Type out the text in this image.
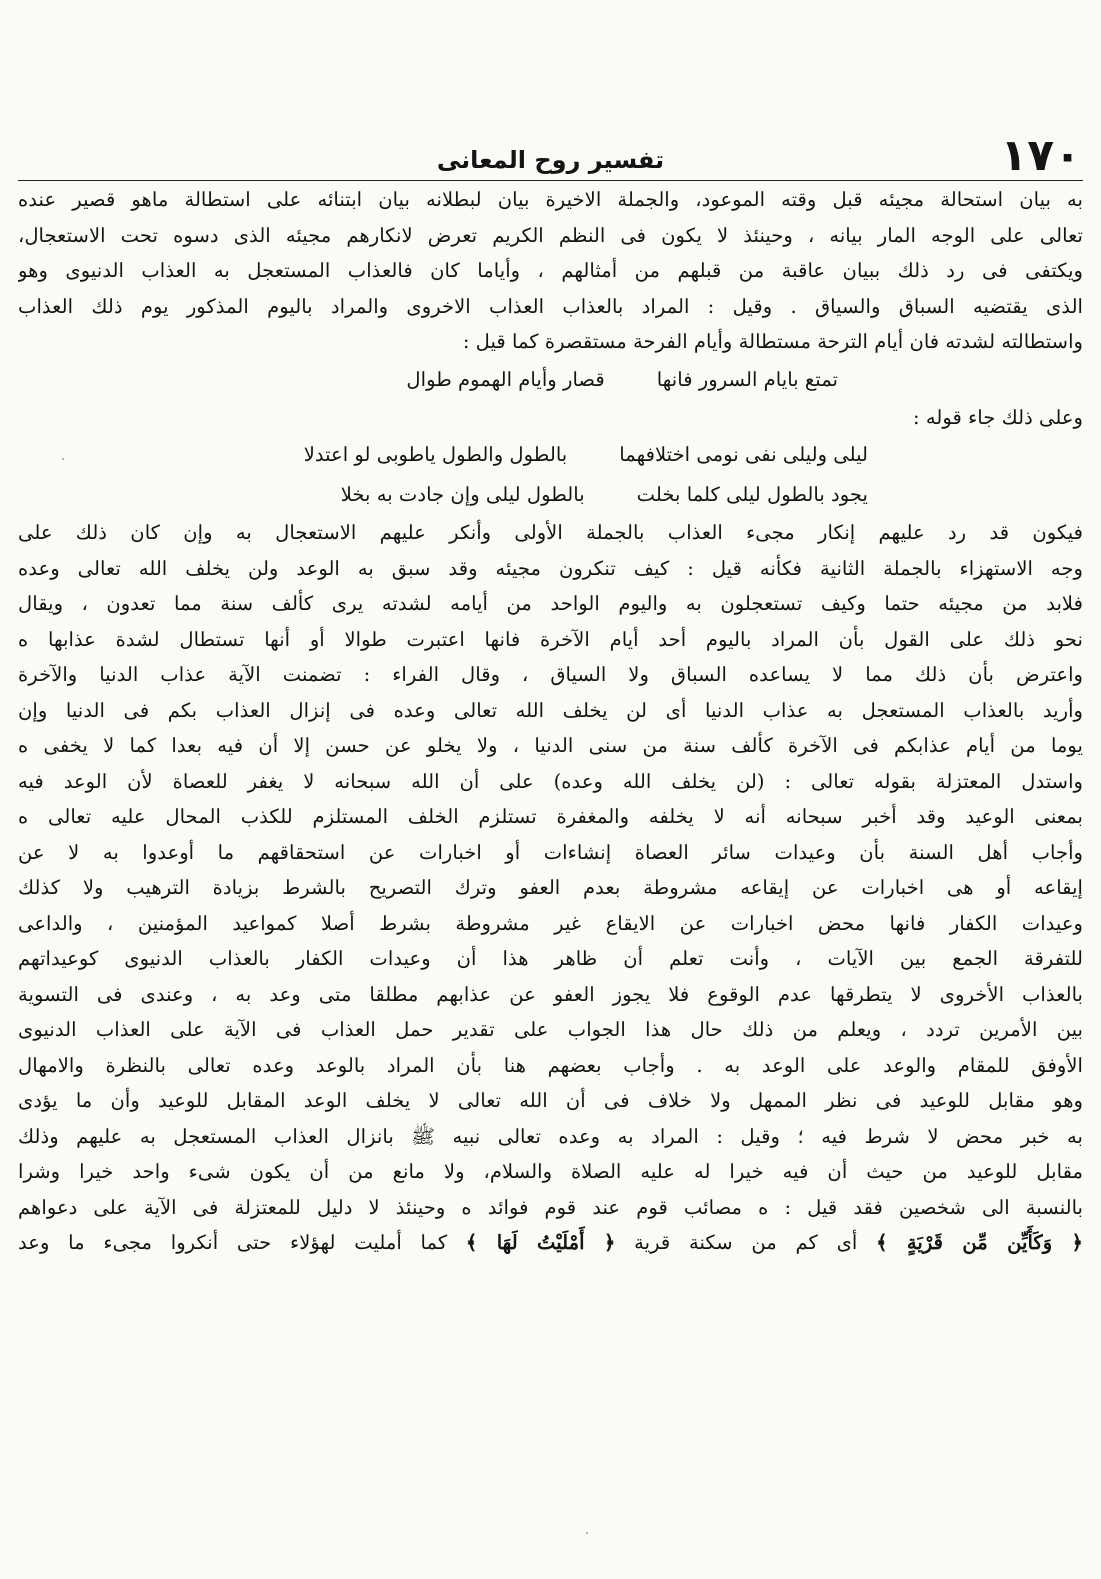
١٧٠
تفسير روح المعانى
به بيان استحالة مجيئه قبل وقته الموعود، والجملة الاخيرة بيان لبطلانه بيان ابتنائه على استطالة ماهو قصير عنده
تعالى على الوجه المار بيانه ، وحينئذ لا يكون فى النظم الكريم تعرض لانكارهم مجيئه الذى دسوه تحت الاستعجال،
ويكتفى فى رد ذلك ببيان عاقبة من قبلهم من أمثالهم ، وأياما كان فالعذاب المستعجل به العذاب الدنيوى وهو
الذى يقتضيه السباق والسياق . وقيل : المراد بالعذاب العذاب الاخروى والمراد باليوم المذكور يوم ذلك العذاب
واستطالته لشدته فان أيام الترحة مستطالة وأيام الفرحة مستقصرة كما قيل :
تمتع بايام السرور فانها
قصار وأيام الهموم طوال
وعلى ذلك جاء قوله :
ليلى وليلى نفى نومى اختلافهما
بالطول والطول ياطوبى لو اعتدلا
يجود بالطول ليلى كلما بخلت
بالطول ليلى وإن جادت به بخلا
فيكون قد رد عليهم إنكار مجىء العذاب بالجملة الأولى وأنكر عليهم الاستعجال به وإن كان ذلك على
وجه الاستهزاء بالجملة الثانية فكأنه قيل : كيف تنكرون مجيئه وقد سبق به الوعد ولن يخلف الله تعالى وعده
فلابد من مجيئه حتما وكيف تستعجلون به واليوم الواحد من أيامه لشدته يرى كألف سنة مما تعدون ، ويقال
نحو ذلك على القول بأن المراد باليوم أحد أيام الآخرة فانها اعتبرت طوالا أو أنها تستطال لشدة عذابها ه
واعترض بأن ذلك مما لا يساعده السباق ولا السياق ، وقال الفراء : تضمنت الآية عذاب الدنيا والآخرة
وأريد بالعذاب المستعجل به عذاب الدنيا أى لن يخلف الله تعالى وعده فى إنزال العذاب بكم فى الدنيا وإن
يوما من أيام عذابكم فى الآخرة كألف سنة من سنى الدنيا ، ولا يخلو عن حسن إلا أن فيه بعدا كما لا يخفى ه
واستدل المعتزلة بقوله تعالى : (لن يخلف الله وعده) على أن الله سبحانه لا يغفر للعصاة لأن الوعد فيه
بمعنى الوعيد وقد أخبر سبحانه أنه لا يخلفه والمغفرة تستلزم الخلف المستلزم للكذب المحال عليه تعالى ه
وأجاب أهل السنة بأن وعيدات سائر العصاة إنشاءات أو اخبارات عن استحقاقهم ما أوعدوا به لا عن
إيقاعه أو هى اخبارات عن إيقاعه مشروطة بعدم العفو وترك التصريح بالشرط بزيادة الترهيب ولا كذلك
وعيدات الكفار فانها محض اخبارات عن الايقاع غير مشروطة بشرط أصلا كمواعيد المؤمنين ، والداعى
للتفرقة الجمع بين الآيات ، وأنت تعلم أن ظاهر هذا أن وعيدات الكفار بالعذاب الدنيوى كوعيداتهم
بالعذاب الأخروى لا يتطرقها عدم الوقوع فلا يجوز العفو عن عذابهم مطلقا متى وعد به ، وعندى فى التسوية
بين الأمرين تردد ، ويعلم من ذلك حال هذا الجواب على تقدير حمل العذاب فى الآية على العذاب الدنيوى
الأوفق للمقام والوعد على الوعد به . وأجاب بعضهم هنا بأن المراد بالوعد وعده تعالى بالنظرة والامهال
وهو مقابل للوعيد فى نظر الممهل ولا خلاف فى أن الله تعالى لا يخلف الوعد المقابل للوعيد وأن ما يؤدى
به خبر محض لا شرط فيه ؛ وقيل : المراد به وعده تعالى نبيه ﷺ بانزال العذاب المستعجل به عليهم وذلك
مقابل للوعيد من حيث أن فيه خيرا له عليه الصلاة والسلام، ولا مانع من أن يكون شىء واحد خيرا وشرا
بالنسبة الى شخصين فقد قيل : ه مصائب قوم عند قوم فوائد ه وحينئذ لا دليل للمعتزلة فى الآية على دعواهم
﴿ وَكَأَيِّن مِّن قَرْيَةٍ ﴾ أى كم من سكنة قرية ﴿ أَمْلَيْتُ لَهَا ﴾ كما أمليت لهؤلاء حتى أنكروا مجىء ما وعد
